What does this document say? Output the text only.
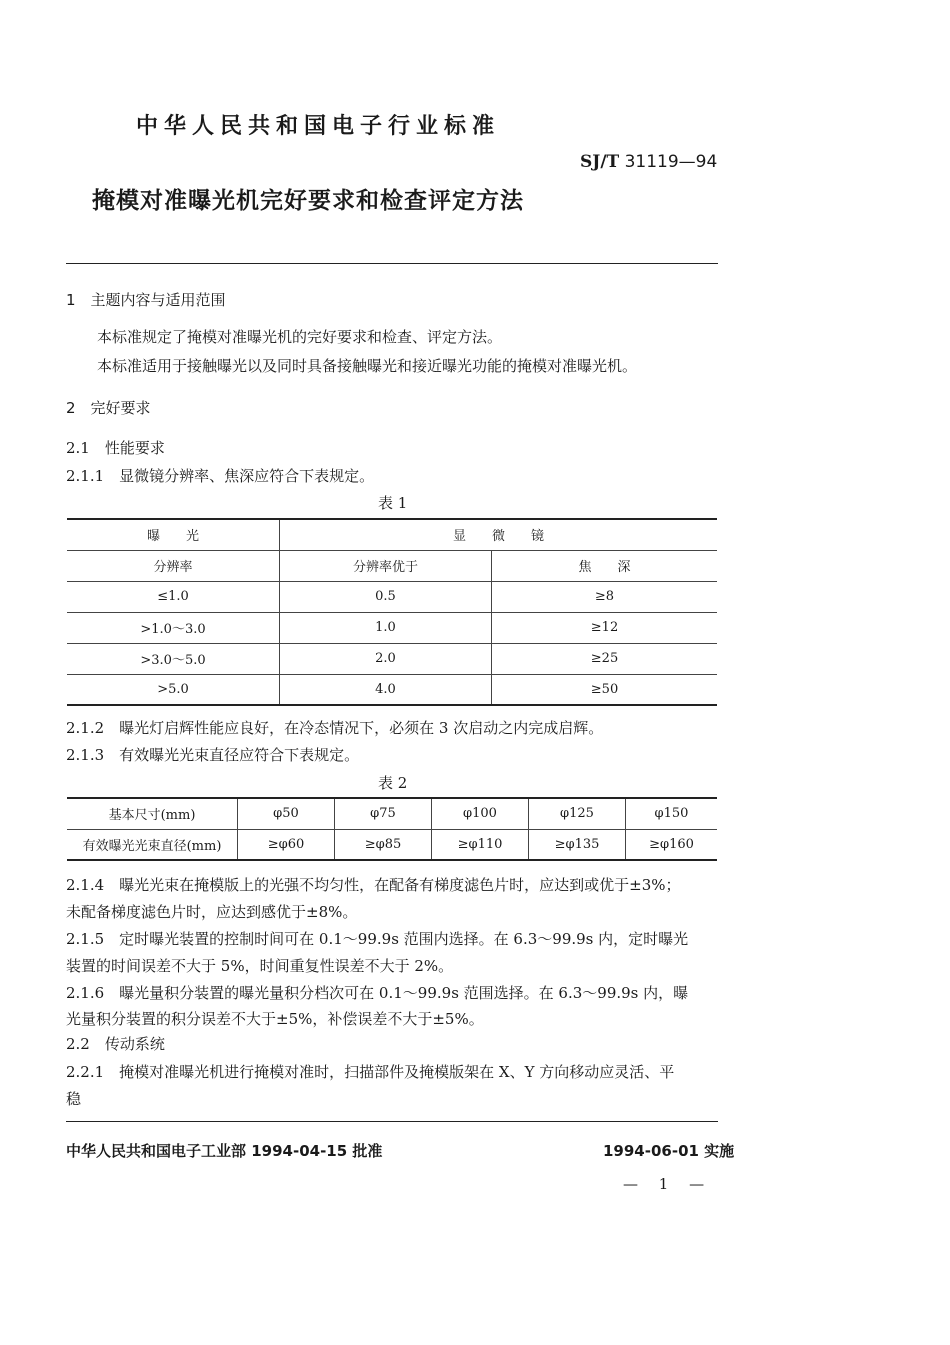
中华人民共和国电子行业标准
SJ/T 31119—94
掩模对准曝光机完好要求和检查评定方法
1　主题内容与适用范围
本标准规定了掩模对准曝光机的完好要求和检查、评定方法。
本标准适用于接触曝光以及同时具备接触曝光和接近曝光功能的掩模对准曝光机。
2　完好要求
2.1　性能要求
2.1.1　显微镜分辨率、焦深应符合下表规定。
表 1
曝　　光	显　　微　　镜	
分辨率	分辨率优于	焦　　深
≤1.0	0.5	≥8
>1.0～3.0	1.0	≥12
>3.0～5.0	2.0	≥25
>5.0	4.0	≥50
2.1.2　曝光灯启辉性能应良好，在冷态情况下，必须在 3 次启动之内完成启辉。
2.1.3　有效曝光光束直径应符合下表规定。
表 2
基本尺寸(mm)	φ50	φ75	φ100	φ125	φ150
有效曝光光束直径(mm)	≥φ60	≥φ85	≥φ110	≥φ135	≥φ160
2.1.4　曝光光束在掩模版上的光强不均匀性，在配备有梯度滤色片时，应达到或优于±3%；
未配备梯度滤色片时，应达到感优于±8%。
2.1.5　定时曝光装置的控制时间可在 0.1～99.9s 范围内选择。在 6.3～99.9s 内，定时曝光
装置的时间误差不大于 5%，时间重复性误差不大于 2%。
2.1.6　曝光量积分装置的曝光量积分档次可在 0.1～99.9s 范围选择。在 6.3～99.9s 内，曝
光量积分装置的积分误差不大于±5%，补偿误差不大于±5%。
2.2　传动系统
2.2.1　掩模对准曝光机进行掩模对准时，扫描部件及掩模版架在 X、Y 方向移动应灵活、平
稳
中华人民共和国电子工业部 1994-04-15 批准	1994-06-01 实施
— 1 —
